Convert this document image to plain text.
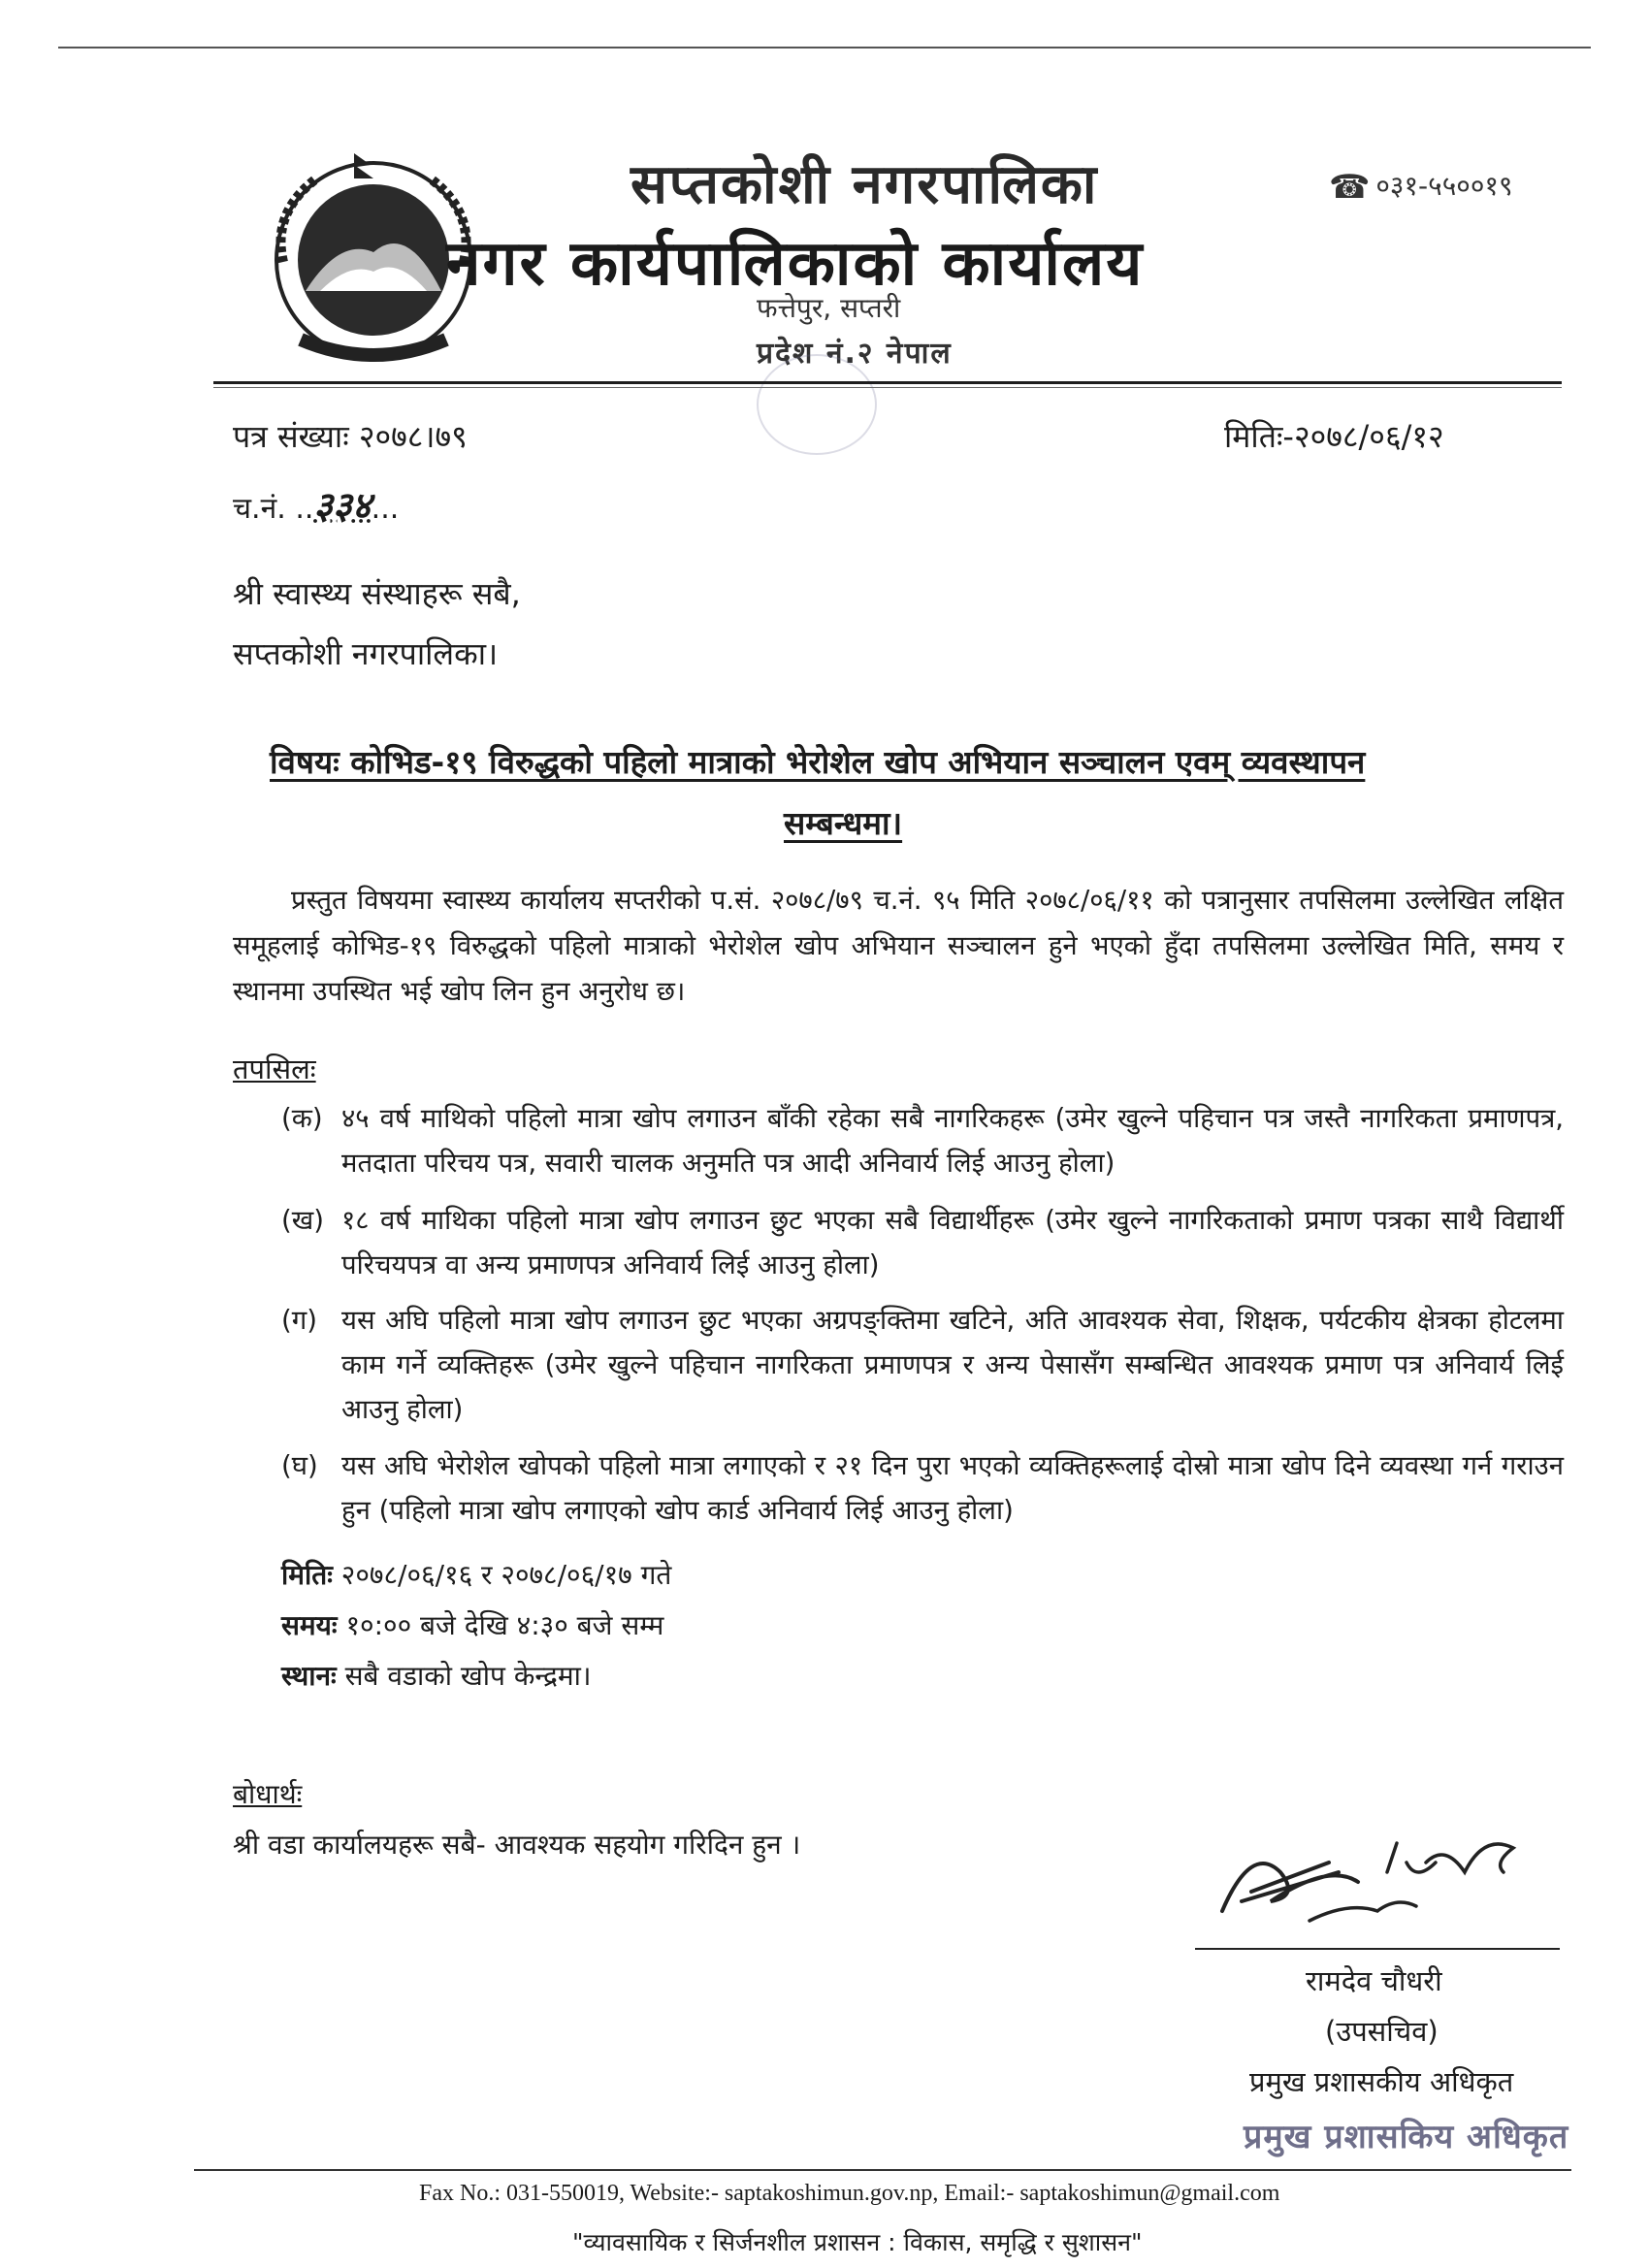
सप्तकोशी नगरपालिका
नगर कार्यपालिकाको कार्यालय
फत्तेपुर, सप्तरी
प्रदेश नं.२ नेपाल
☎ ०३१-५५००१९
पत्र संख्याः २०७८।७९	मितिः-२०७८/०६/१२
च.नं. ..३३४...
श्री स्वास्थ्य संस्थाहरू सबै,
सप्तकोशी नगरपालिका।
विषयः कोभिड-१९ विरुद्धको पहिलो मात्राको भेरोशेल खोप अभियान सञ्चालन एवम् व्यवस्थापन
सम्बन्धमा।
प्रस्तुत विषयमा स्वास्थ्य कार्यालय सप्तरीको प.सं. २०७८/७९ च.नं. ९५ मिति २०७८/०६/११ को पत्रानुसार तपसिलमा उल्लेखित लक्षित समूहलाई कोभिड-१९ विरुद्धको पहिलो मात्राको भेरोशेल खोप अभियान सञ्चालन हुने भएको हुँदा तपसिलमा उल्लेखित मिति, समय र स्थानमा उपस्थित भई खोप लिन हुन अनुरोध छ।
तपसिलः
(क) ४५ वर्ष माथिको पहिलो मात्रा खोप लगाउन बाँकी रहेका सबै नागरिकहरू (उमेर खुल्ने पहिचान पत्र जस्तै नागरिकता प्रमाणपत्र, मतदाता परिचय पत्र, सवारी चालक अनुमति पत्र आदी अनिवार्य लिई आउनु होला)
(ख) १८ वर्ष माथिका पहिलो मात्रा खोप लगाउन छुट भएका सबै विद्यार्थीहरू (उमेर खुल्ने नागरिकताको प्रमाण पत्रका साथै विद्यार्थी परिचयपत्र वा अन्य प्रमाणपत्र अनिवार्य लिई आउनु होला)
(ग) यस अघि पहिलो मात्रा खोप लगाउन छुट भएका अग्रपङ्क्तिमा खटिने, अति आवश्यक सेवा, शिक्षक, पर्यटकीय क्षेत्रका होटलमा काम गर्ने व्यक्तिहरू (उमेर खुल्ने पहिचान नागरिकता प्रमाणपत्र र अन्य पेसासँग सम्बन्धित आवश्यक प्रमाण पत्र अनिवार्य लिई आउनु होला)
(घ) यस अघि भेरोशेल खोपको पहिलो मात्रा लगाएको र २१ दिन पुरा भएको व्यक्तिहरूलाई दोस्रो मात्रा खोप दिने व्यवस्था गर्न गराउन हुन (पहिलो मात्रा खोप लगाएको खोप कार्ड अनिवार्य लिई आउनु होला)
मितिः २०७८/०६/१६ र २०७८/०६/१७ गते
समयः १०:०० बजे देखि ४:३० बजे सम्म
स्थानः सबै वडाको खोप केन्द्रमा।
बोधार्थः
श्री वडा कार्यालयहरू सबै- आवश्यक सहयोग गरिदिन हुन ।
रामदेव चौधरी
(उपसचिव)
प्रमुख प्रशासकीय अधिकृत
प्रमुख प्रशासकिय अधिकृत
Fax No.: 031-550019, Website:- saptakoshimun.gov.np, Email:- saptakoshimun@gmail.com
"व्यावसायिक र सिर्जनशील प्रशासन : विकास, समृद्धि र सुशासन"
